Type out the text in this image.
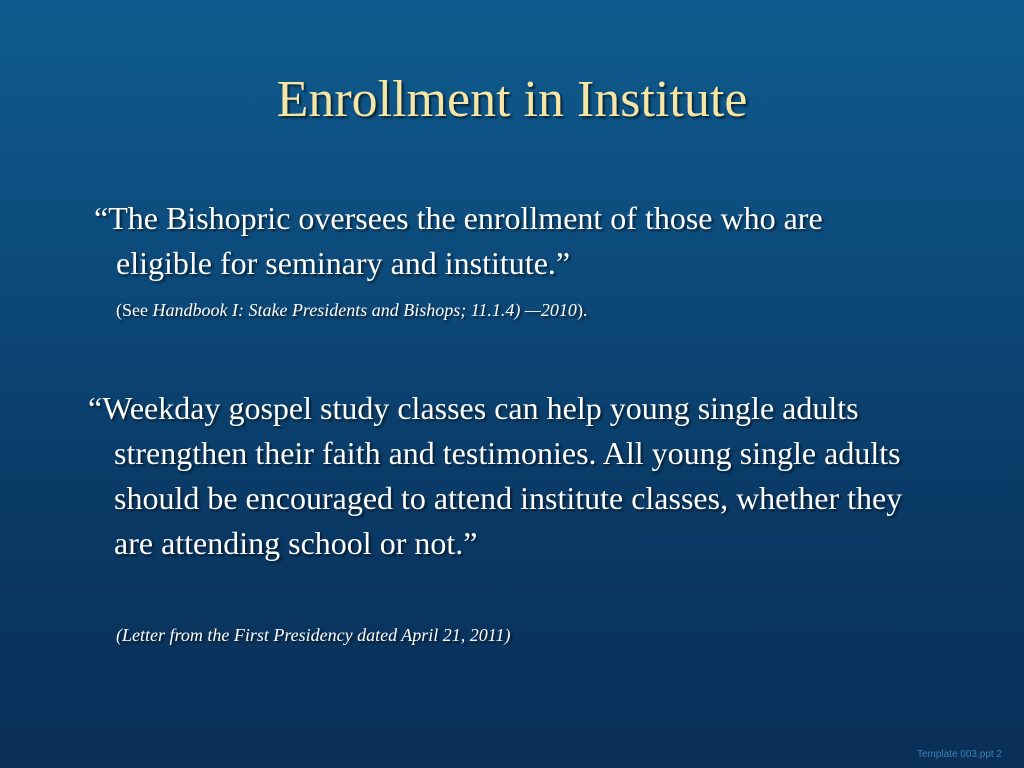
Enrollment in Institute
“The Bishopric oversees the enrollment of those who are eligible for seminary and institute.”
(See Handbook I: Stake Presidents and Bishops; 11.1.4) —2010).
“Weekday gospel study classes can help young single adults strengthen their faith and testimonies. All young single adults should be encouraged to attend institute classes, whether they are attending school or not.”
(Letter from the First Presidency dated April 21, 2011)
Template 003.ppt 2
